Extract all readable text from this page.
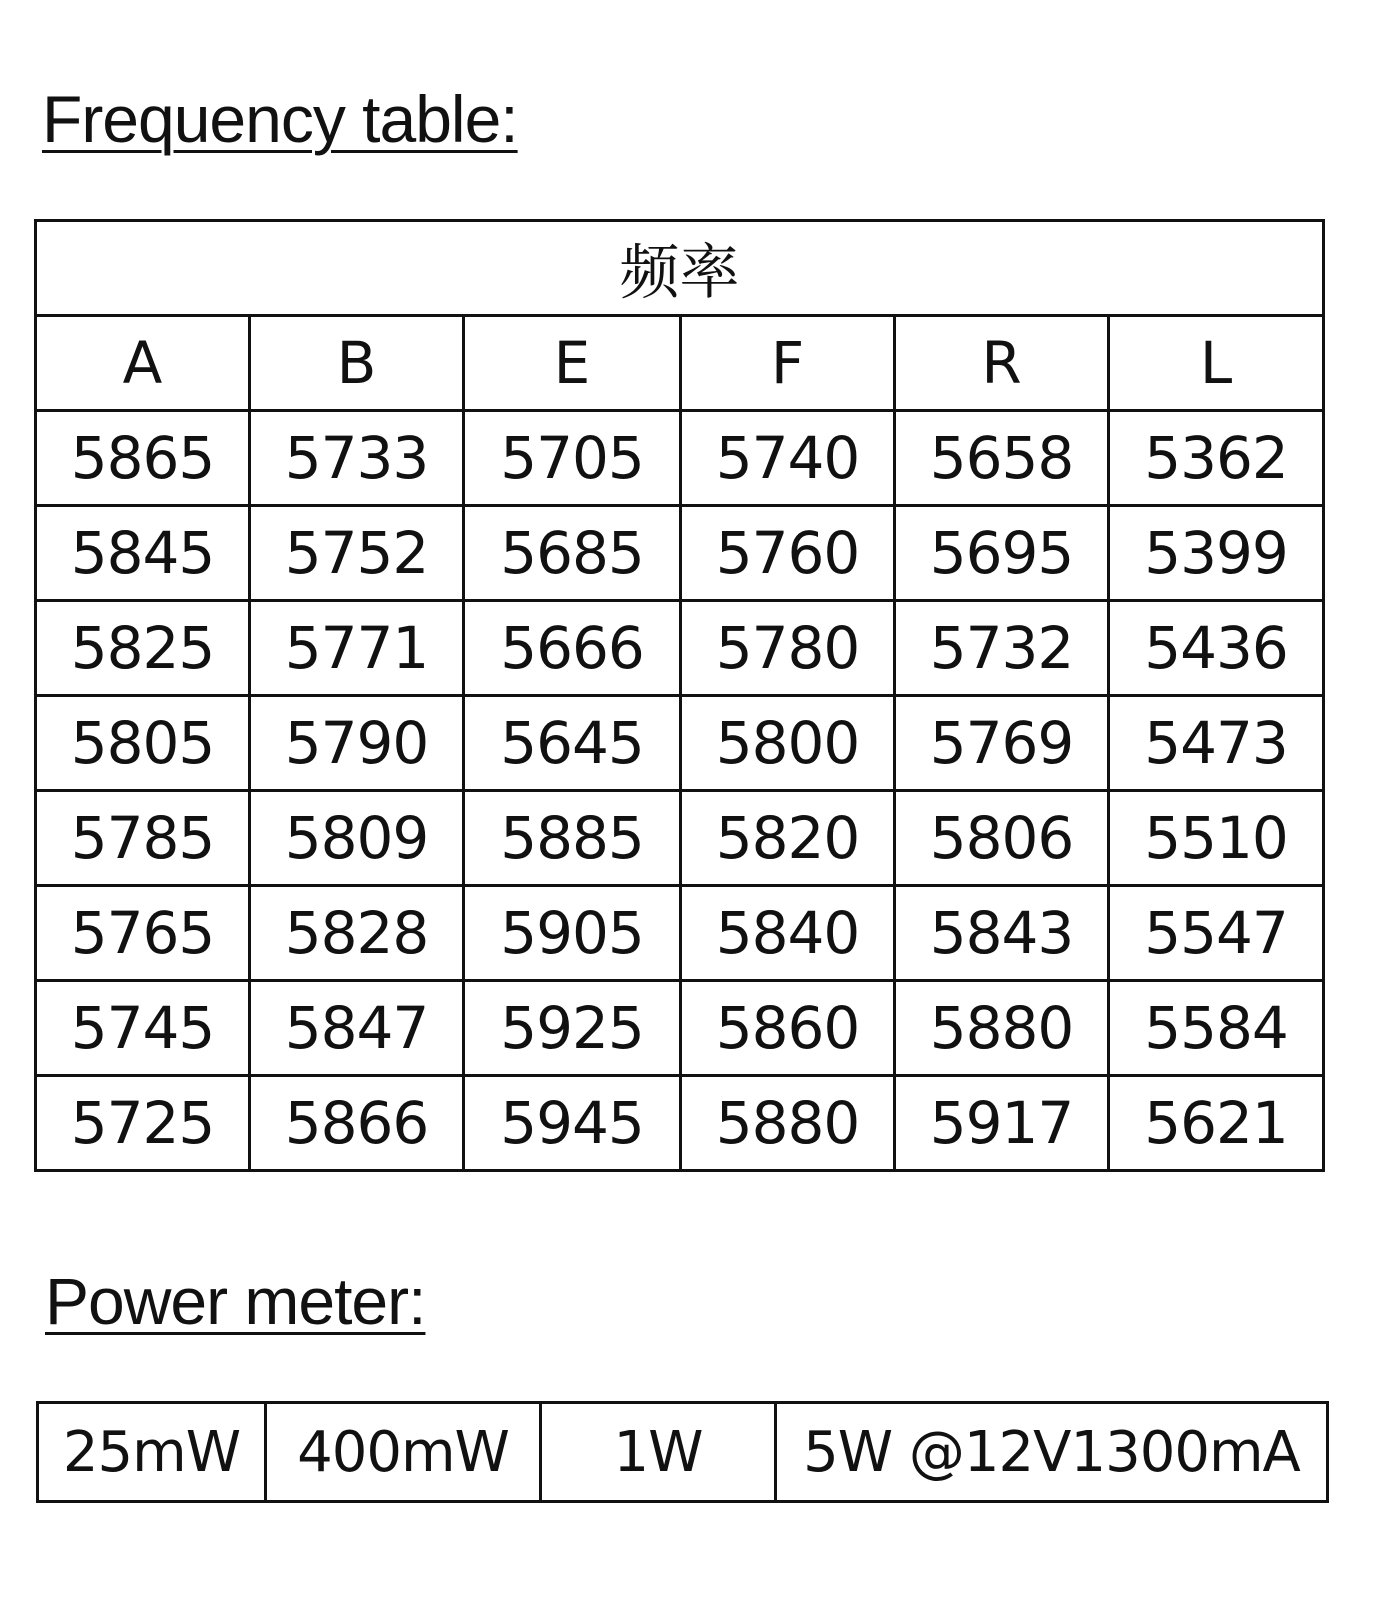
Frequency table:
频率					
A	B	E	F	R	L
5865	5733	5705	5740	5658	5362
5845	5752	5685	5760	5695	5399
5825	5771	5666	5780	5732	5436
5805	5790	5645	5800	5769	5473
5785	5809	5885	5820	5806	5510
5765	5828	5905	5840	5843	5547
5745	5847	5925	5860	5880	5584
5725	5866	5945	5880	5917	5621
Power meter:
25mW	400mW	1W	5W @12V1300mA
